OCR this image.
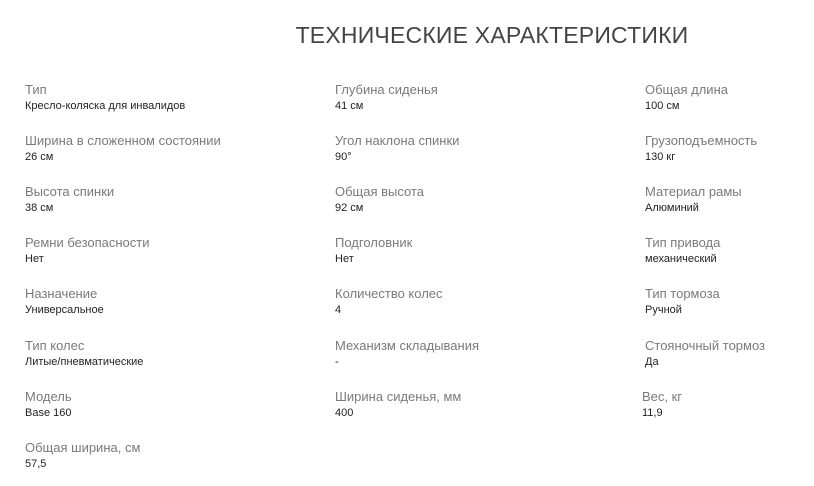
ТЕХНИЧЕСКИЕ ХАРАКТЕРИСТИКИ
Тип
Кресло-коляска для инвалидов
Ширина в сложенном состоянии
26 см
Высота спинки
38 см
Ремни безопасности
Нет
Назначение
Универсальное
Тип колес
Литые/пневматические
Модель
Base 160
Общая ширина, см
57,5
Глубина сиденья
41 см
Угол наклона спинки
90°
Общая высота
92 см
Подголовник
Нет
Количество колес
4
Механизм складывания
-
Ширина сиденья, мм
400
Общая длина
100 см
Грузоподъемность
130 кг
Материал рамы
Алюминий
Тип привода
механический
Тип тормоза
Ручной
Стояночный тормоз
Да
Вес, кг
11,9
